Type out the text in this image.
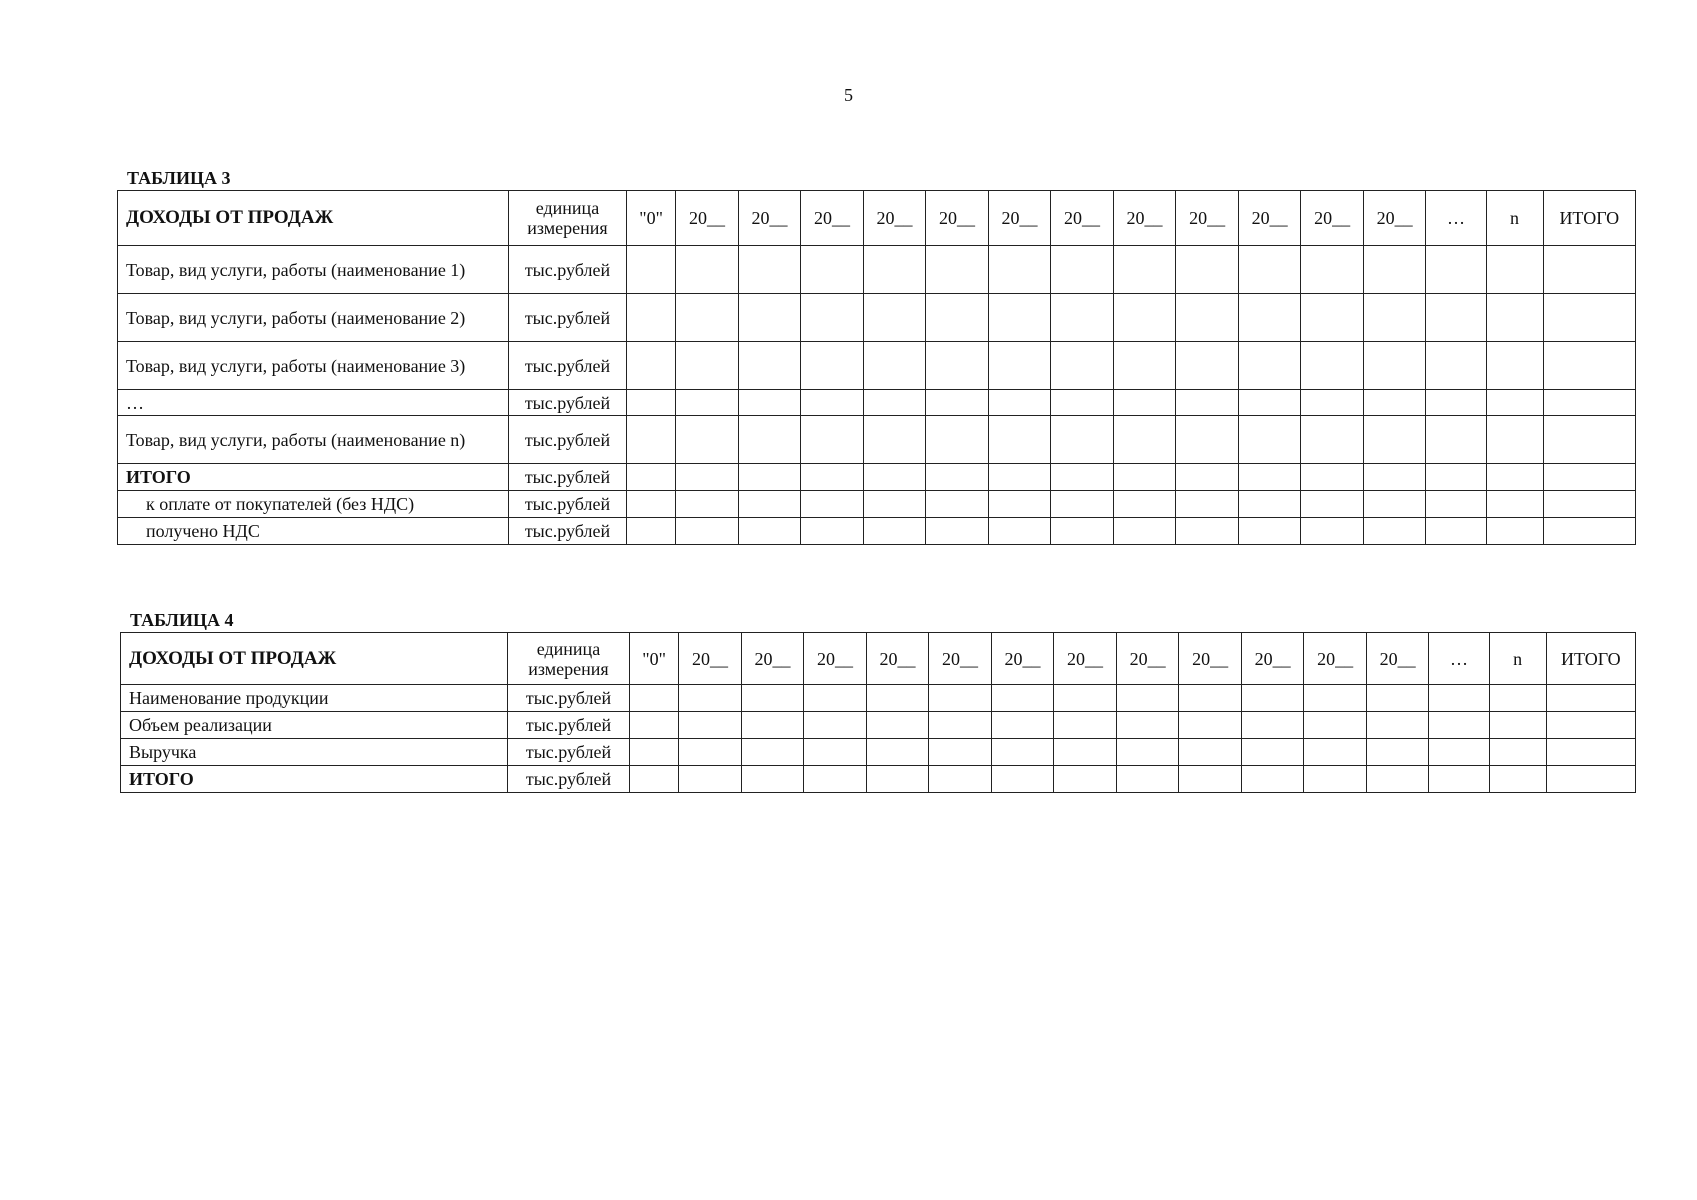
5
ТАБЛИЦА 3
ДОХОДЫ ОТ ПРОДАЖ	единица измерения	"0"	20__	20__	20__	20__	20__	20__	20__	20__	20__	20__	20__	20__	…	n	ИТОГО
Товар, вид услуги, работы (наименование 1)	тыс.рублей																
Товар, вид услуги, работы (наименование 2)	тыс.рублей																
Товар, вид услуги, работы (наименование 3)	тыс.рублей																
…	тыс.рублей																
Товар, вид услуги, работы (наименование n)	тыс.рублей																
ИТОГО	тыс.рублей																
к оплате от покупателей (без НДС)	тыс.рублей																
получено НДС	тыс.рублей																
ТАБЛИЦА 4
ДОХОДЫ ОТ ПРОДАЖ	единица измерения	"0"	20__	20__	20__	20__	20__	20__	20__	20__	20__	20__	20__	20__	…	n	ИТОГО
Наименование продукции	тыс.рублей																
Объем реализации	тыс.рублей																
Выручка	тыс.рублей																
ИТОГО	тыс.рублей																
